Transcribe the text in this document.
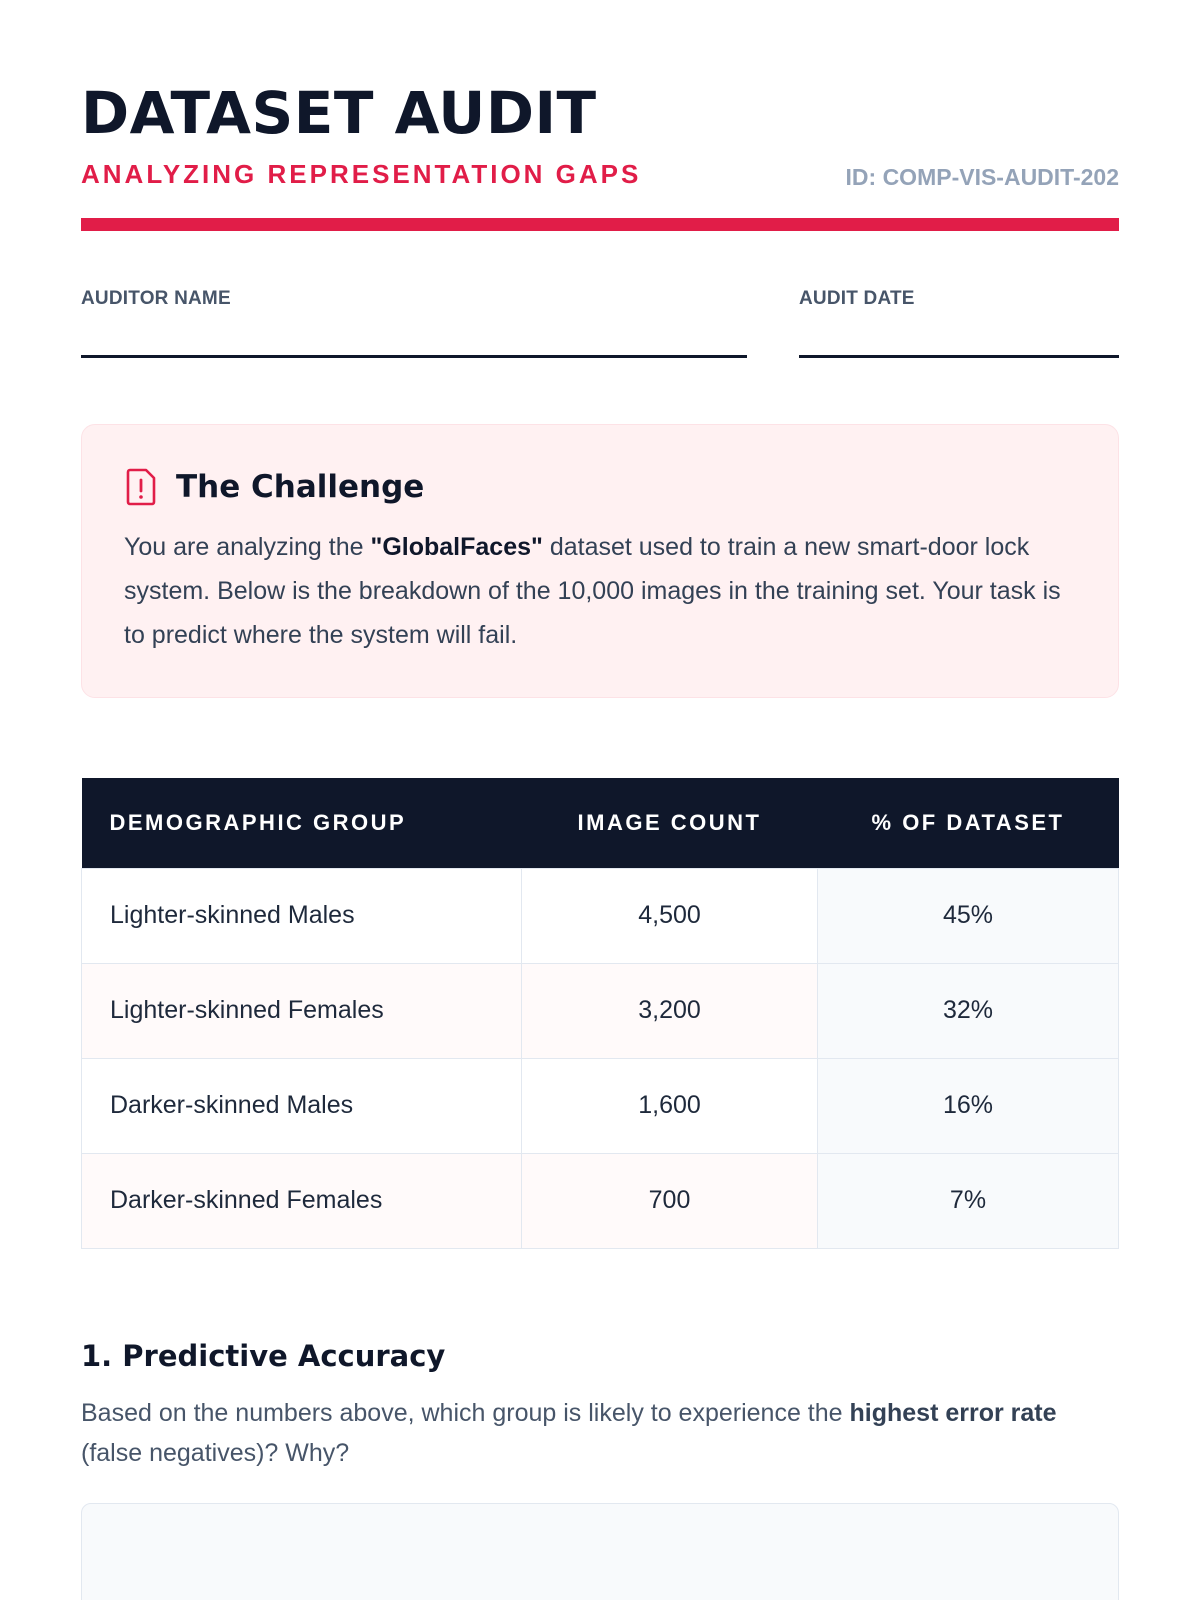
DATASET AUDIT
ANALYZING REPRESENTATION GAPS	ID: COMP-VIS-AUDIT-202
AUDITOR NAME	AUDIT DATE
The Challenge

You are analyzing the "GlobalFaces" dataset used to train a new smart-door lock system. Below is the breakdown of the 10,000 images in the training set. Your task is to predict where the system will fail.

DEMOGRAPHIC GROUP	IMAGE COUNT	% OF DATASET
Lighter-skinned Males	4,500	45%
Lighter-skinned Females	3,200	32%
Darker-skinned Males	1,600	16%
Darker-skinned Females	700	7%
1. Predictive Accuracy

Based on the numbers above, which group is likely to experience the highest error rate (false negatives)? Why?
